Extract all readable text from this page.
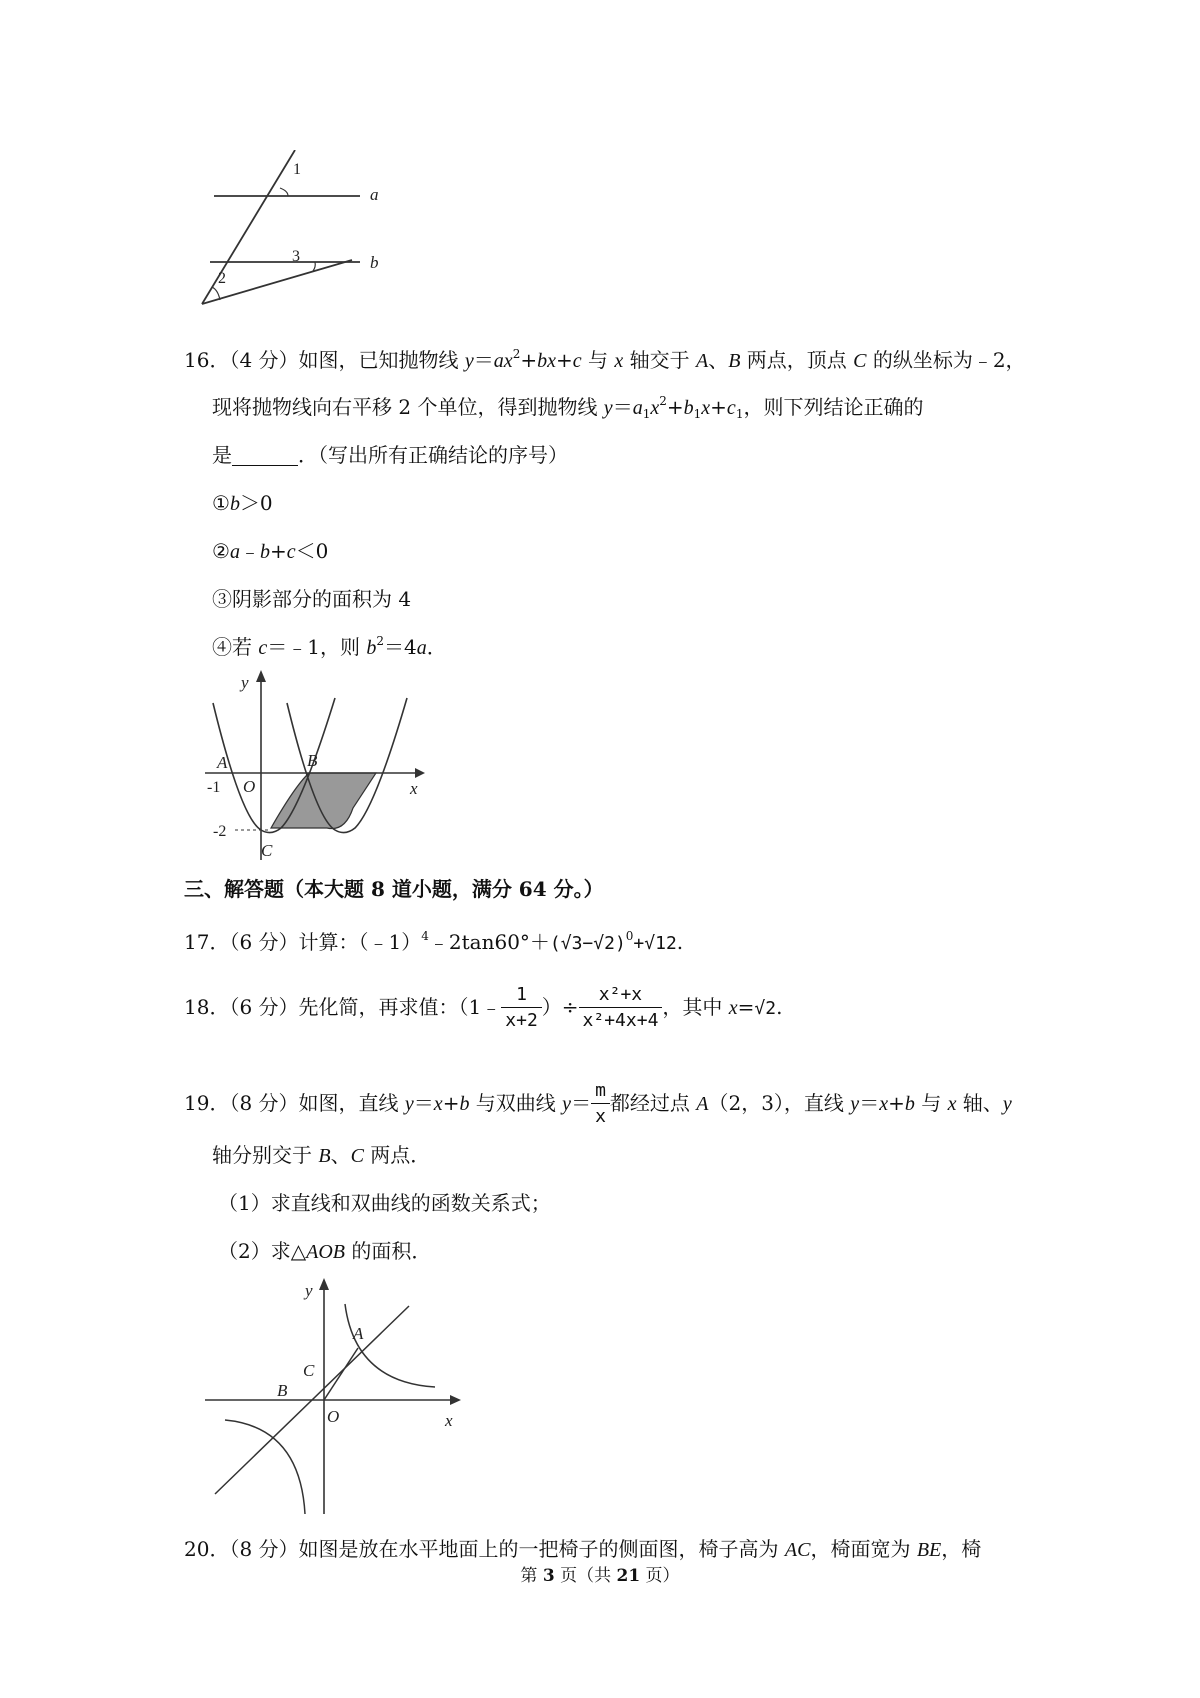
1
2
3
a
b
16．（4 分）如图，已知抛物线 $y=ax^2+bx+c$ 与 x 轴交于 A、B 两点，顶点 C 的纵坐标为﹣2，
现将抛物线向右平移 2 个单位，得到抛物线 $y=a_1x^2+b_1x+c_1$，则下列结论正确的
是	．（写出所有正确结论的序号）
①b＞0
②a﹣b+c＜0
③阴影部分的面积为 4
④若 c＝﹣1，则 $b^2=4a$．
y
x
A	B
C
O
-1
-2
三、解答题（本大题 8 道小题，满分 64 分。）
17．（6 分）计算：$(﹣1)^4﹣2\tan 60^\circ+(√3-√2)^0+√12$.
18．（6 分）先化简，再求值：（1﹣ $\frac{1}{x+2}$ ）÷ $\frac{\text{x²+x}}{\text{x²+4x+4}}$ ，其中 x=√2.
19．（8 分）如图，直线 y＝x+b 与双曲线 $y= \frac{m}{x}$ 都经过点 A（2，3），直线 y＝x+b 与 x 轴、y
轴分别交于 B、C 两点．
（1）求直线和双曲线的函数关系式；
（2）求△AOB 的面积．
y
x
A
B
C
O
20．（8 分）如图是放在水平地面上的一把椅子的侧面图，椅子高为 AC，椅面宽为 BE，椅
第 3 页（共 21 页）
